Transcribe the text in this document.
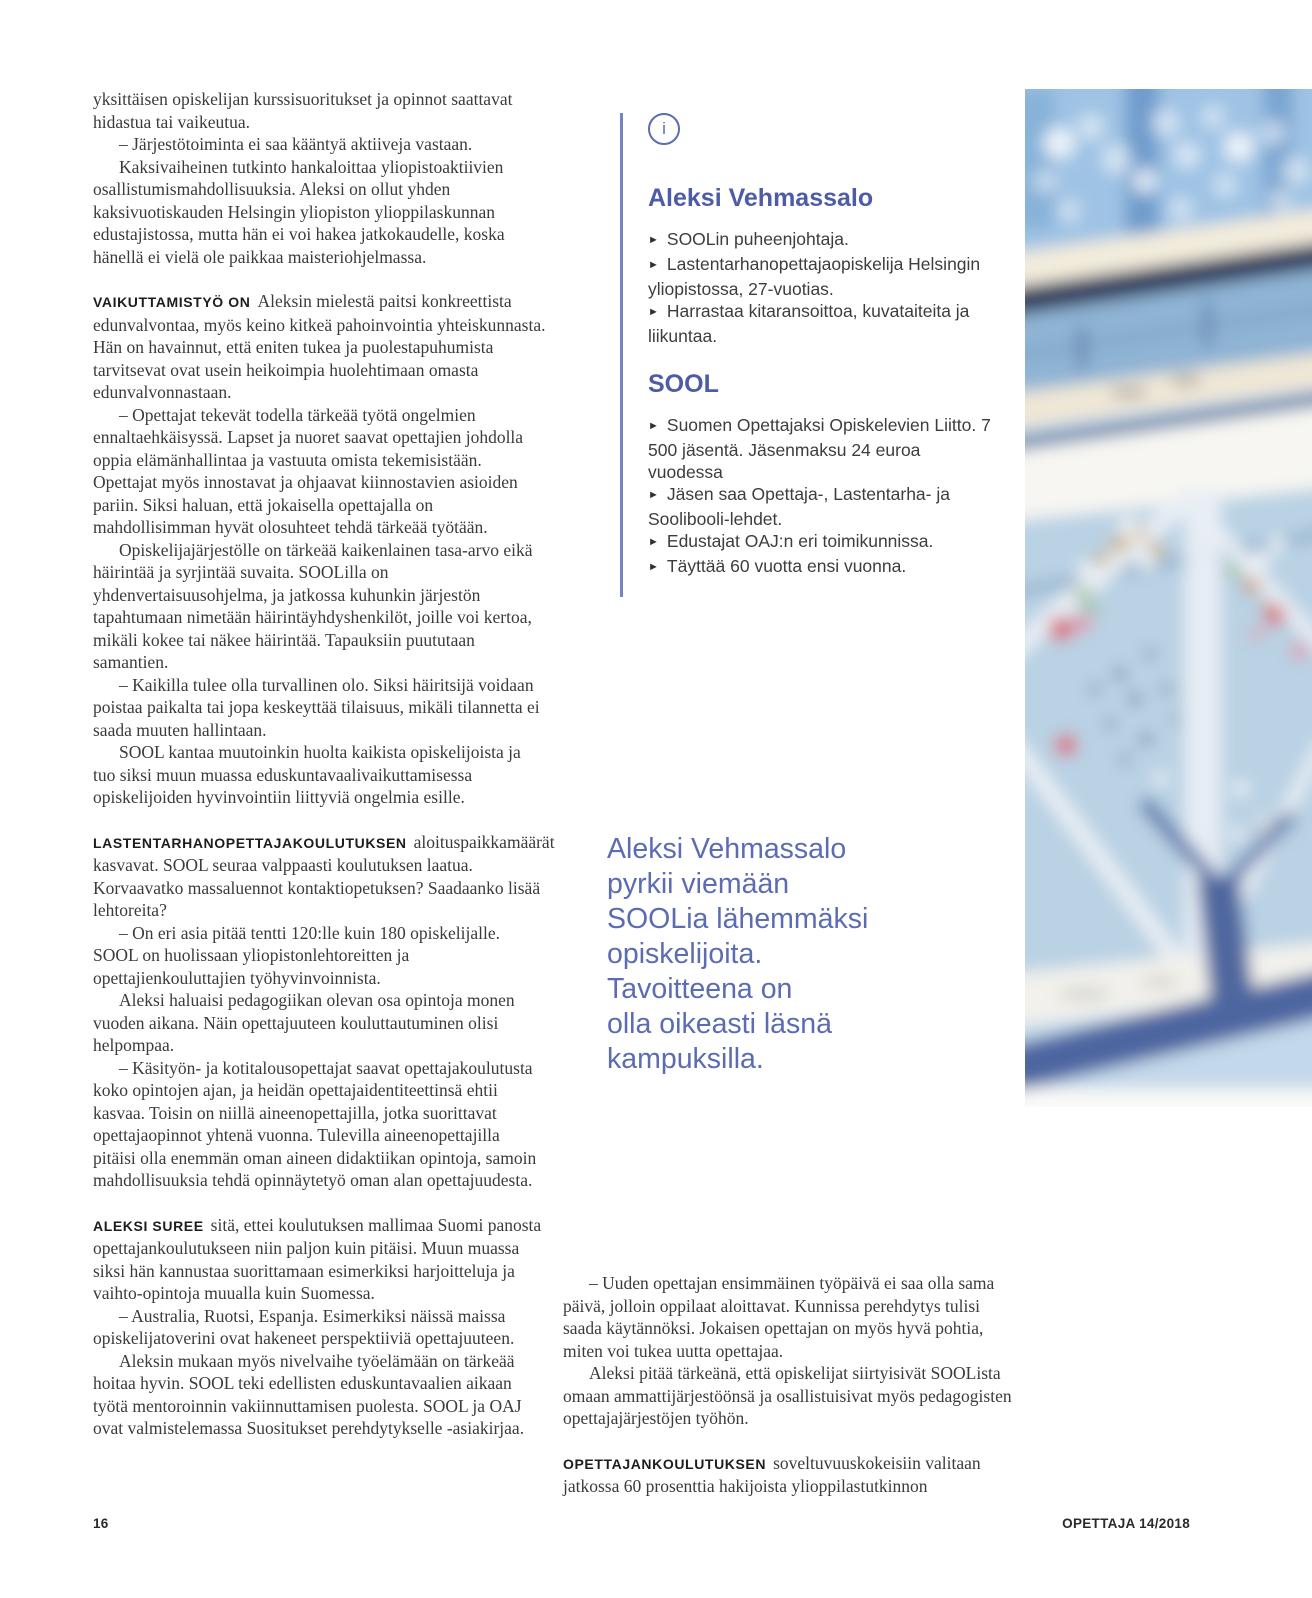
yksittäisen opiskelijan kurssisuoritukset ja opinnot saattavat hidastua tai vaikeutua.

– Järjestötoiminta ei saa kääntyä aktiiveja vastaan.

Kaksivaiheinen tutkinto hankaloittaa yliopistoaktiivien osallistumismahdollisuuksia. Aleksi on ollut yhden kaksivuotiskauden Helsingin yliopiston ylioppilaskunnan edustajistossa, mutta hän ei voi hakea jatkokaudelle, koska hänellä ei vielä ole paikkaa maisteriohjelmassa.

VAIKUTTAMISTYÖ ON Aleksin mielestä paitsi konkreettista edunvalvontaa, myös keino kitkeä pahoinvointia yhteiskunnasta. Hän on havainnut, että eniten tukea ja puolestapuhumista tarvitsevat ovat usein heikoimpia huolehtimaan omasta edunvalvonnastaan.

– Opettajat tekevät todella tärkeää työtä ongelmien ennaltaehkäisyssä. Lapset ja nuoret saavat opettajien johdolla oppia elämänhallintaa ja vastuuta omista tekemisistään. Opettajat myös innostavat ja ohjaavat kiinnostavien asioiden pariin. Siksi haluan, että jokaisella opettajalla on mahdollisimman hyvät olosuhteet tehdä tärkeää työtään.

Opiskelijajärjestölle on tärkeää kaikenlainen tasa-arvo eikä häirintää ja syrjintää suvaita. SOOLilla on yhdenvertaisuusohjelma, ja jatkossa kuhunkin järjestön tapahtumaan nimetään häirintäyhdyshenkilöt, joille voi kertoa, mikäli kokee tai näkee häirintää. Tapauksiin puututaan samantien.

– Kaikilla tulee olla turvallinen olo. Siksi häiritsijä voidaan poistaa paikalta tai jopa keskeyttää tilaisuus, mikäli tilannetta ei saada muuten hallintaan.

SOOL kantaa muutoinkin huolta kaikista opiskelijoista ja tuo siksi muun muassa eduskuntavaalivaikuttamisessa opiskelijoiden hyvinvointiin liittyviä ongelmia esille.

LASTENTARHANOPETTAJAKOULUTUKSEN aloituspaikkamäärät kasvavat. SOOL seuraa valppaasti koulutuksen laatua. Korvaavatko massaluennot kontaktiopetuksen? Saadaanko lisää lehtoreita?

– On eri asia pitää tentti 120:lle kuin 180 opiskelijalle. SOOL on huolissaan yliopistonlehtoreitten ja opettajienkouluttajien työhyvinvoinnista.

Aleksi haluaisi pedagogiikan olevan osa opintoja monen vuoden aikana. Näin opettajuuteen kouluttautuminen olisi helpompaa.

– Käsityön- ja kotitalousopettajat saavat opettajakoulutusta koko opintojen ajan, ja heidän opettajaidentiteettinsä ehtii kasvaa. Toisin on niillä aineenopettajilla, jotka suorittavat opettajaopinnot yhtenä vuonna. Tulevilla aineenopettajilla pitäisi olla enemmän oman aineen didaktiikan opintoja, samoin mahdollisuuksia tehdä opinnäytetyö oman alan opettajuudesta.

ALEKSI SUREE sitä, ettei koulutuksen mallimaa Suomi panosta opettajankoulutukseen niin paljon kuin pitäisi. Muun muassa siksi hän kannustaa suorittamaan esimerkiksi harjoitteluja ja vaihto-opintoja muualla kuin Suomessa.

– Australia, Ruotsi, Espanja. Esimerkiksi näissä maissa opiskelijatoverini ovat hakeneet perspektiiviä opettajuuteen.

Aleksin mukaan myös nivelvaihe työelämään on tärkeää hoitaa hyvin. SOOL teki edellisten eduskuntavaalien aikaan työtä mentoroinnin vakiinnuttamisen puolesta. SOOL ja OAJ ovat valmistelemassa Suositukset perehdytykselle -asiakirjaa.

i
Aleksi Vehmassalo
► SOOLin puheenjohtaja.
► Lastentarhanopettajaopiskelija Helsingin yliopistossa, 27-vuotias.
► Harrastaa kitaransoittoa, kuvataiteita ja liikuntaa.
SOOL
► Suomen Opettajaksi Opiskelevien Liitto. 7 500 jäsentä. Jäsenmaksu 24 euroa vuodessa
► Jäsen saa Opettaja-, Lastentarha- ja Soolibooli-lehdet.
► Edustajat OAJ:n eri toimikunnissa.
► Täyttää 60 vuotta ensi vuonna.
Aleksi Vehmassalo
pyrkii viemään
SOOLia lähemmäksi
opiskelijoita.
Tavoitteena on
olla oikeasti läsnä
kampuksilla.

– Uuden opettajan ensimmäinen työpäivä ei saa olla sama päivä, jolloin oppilaat aloittavat. Kunnissa perehdytys tulisi saada käytännöksi. Jokaisen opettajan on myös hyvä pohtia, miten voi tukea uutta opettajaa.

Aleksi pitää tärkeänä, että opiskelijat siirtyisivät SOOLista omaan ammattijärjestöönsä ja osallistuisivat myös pedagogisten opettajajärjestöjen työhön.

OPETTAJANKOULUTUKSEN soveltuvuuskokeisiin valitaan jatkossa 60 prosenttia hakijoista ylioppilastutkinnon

16	OPETTAJA 14/2018
